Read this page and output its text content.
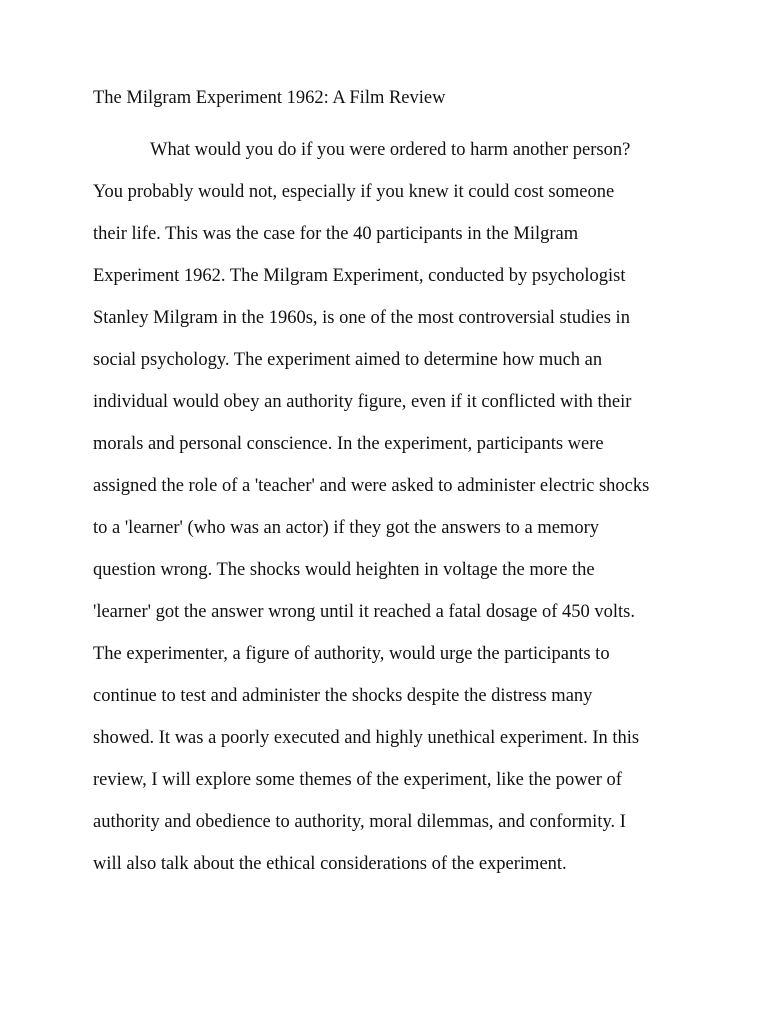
The Milgram Experiment 1962: A Film Review
What would you do if you were ordered to harm another person?
You probably would not, especially if you knew it could cost someone
their life. This was the case for the 40 participants in the Milgram
Experiment 1962. The Milgram Experiment, conducted by psychologist
Stanley Milgram in the 1960s, is one of the most controversial studies in
social psychology. The experiment aimed to determine how much an
individual would obey an authority figure, even if it conflicted with their
morals and personal conscience. In the experiment, participants were
assigned the role of a 'teacher' and were asked to administer electric shocks
to a 'learner' (who was an actor) if they got the answers to a memory
question wrong. The shocks would heighten in voltage the more the
'learner' got the answer wrong until it reached a fatal dosage of 450 volts.
The experimenter, a figure of authority, would urge the participants to
continue to test and administer the shocks despite the distress many
showed. It was a poorly executed and highly unethical experiment. In this
review, I will explore some themes of the experiment, like the power of
authority and obedience to authority, moral dilemmas, and conformity. I
will also talk about the ethical considerations of the experiment.
